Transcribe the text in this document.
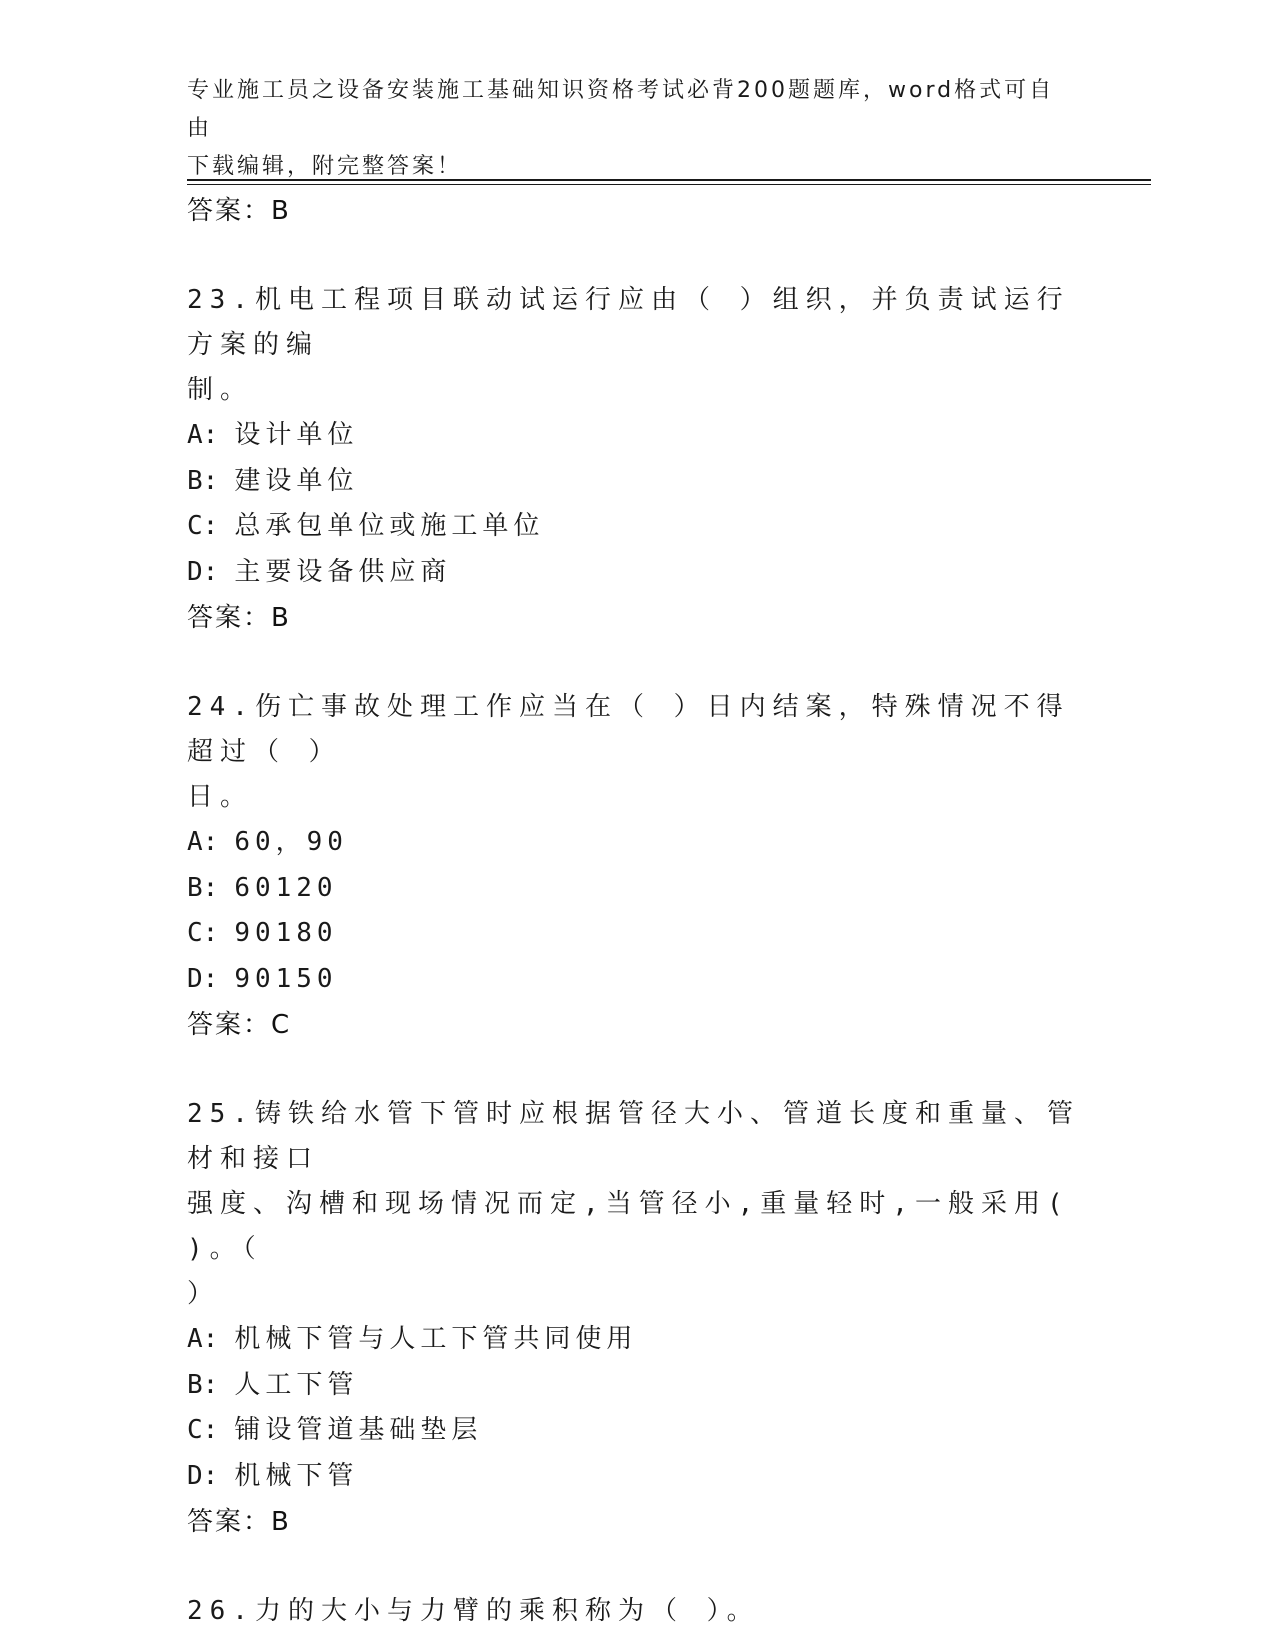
专业施工员之设备安装施工基础知识资格考试必背200题题库，word格式可自由
下载编辑，附完整答案！
答案：B

23.机电工程项目联动试运行应由（ ）组织，并负责试运行方案的编
制。

A: 设计单位
B: 建设单位
C: 总承包单位或施工单位
D: 主要设备供应商
答案：B

24.伤亡事故处理工作应当在（ ）日内结案，特殊情况不得超过（ ）
日。

A: 60，90
B: 60120
C: 90180
D: 90150
答案：C

25.铸铁给水管下管时应根据管径大小、管道长度和重量、管材和接口
强度、沟槽和现场情况而定,当管径小,重量轻时,一般采用( )。（
）

A: 机械下管与人工下管共同使用
B: 人工下管
C: 铺设管道基础垫层
D: 机械下管
答案：B

26.力的大小与力臂的乘积称为（ ）。
